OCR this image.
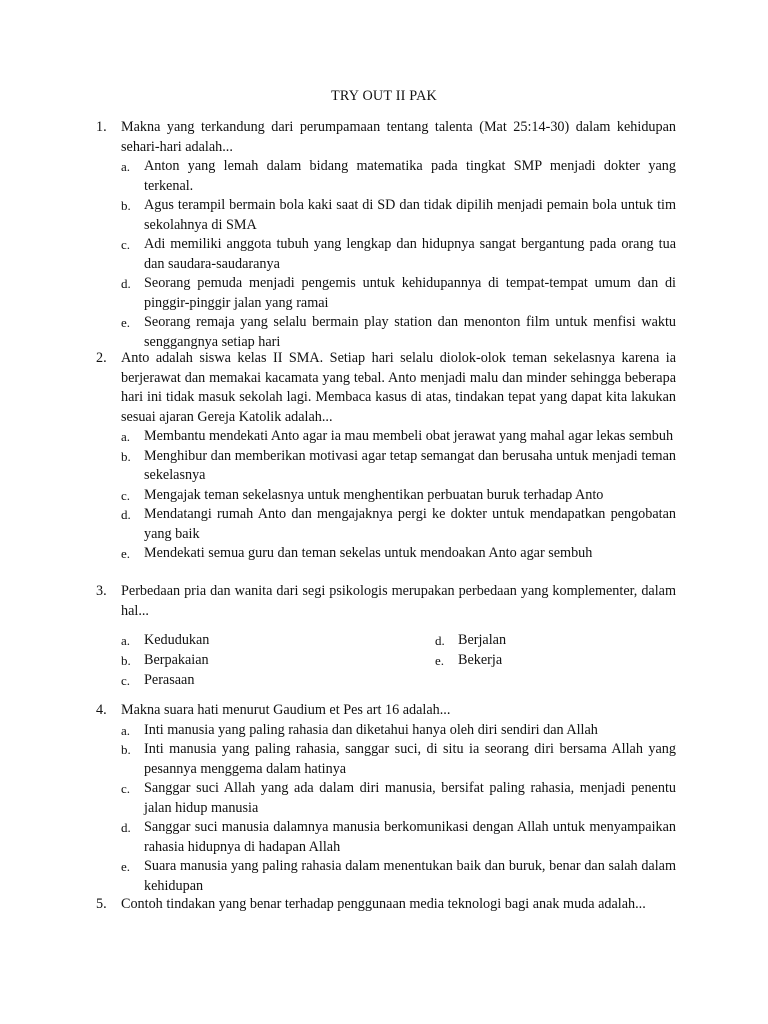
TRY OUT II PAK
1. Makna yang terkandung dari perumpamaan tentang talenta (Mat 25:14-30) dalam kehidupan sehari-hari adalah...
a. Anton yang lemah dalam bidang matematika pada tingkat SMP menjadi dokter yang terkenal.
b. Agus terampil bermain bola kaki saat di SD dan tidak dipilih menjadi pemain bola untuk tim sekolahnya di SMA
c. Adi memiliki anggota tubuh yang lengkap dan hidupnya sangat bergantung pada orang tua dan saudara-saudaranya
d. Seorang pemuda menjadi pengemis untuk kehidupannya di tempat-tempat umum dan di pinggir-pinggir jalan yang ramai
e. Seorang remaja yang selalu bermain play station dan menonton film untuk menfisi waktu senggangnya setiap hari
2. Anto adalah siswa kelas II SMA. Setiap hari selalu diolok-olok teman sekelasnya karena ia berjerawat dan memakai kacamata yang tebal. Anto menjadi malu dan minder sehingga beberapa hari ini tidak masuk sekolah lagi. Membaca kasus di atas, tindakan tepat yang dapat kita lakukan sesuai ajaran Gereja Katolik adalah...
a. Membantu mendekati Anto agar ia mau membeli obat jerawat yang mahal agar lekas sembuh
b. Menghibur dan memberikan motivasi agar tetap semangat dan berusaha untuk menjadi teman sekelasnya
c. Mengajak teman sekelasnya untuk menghentikan perbuatan buruk terhadap Anto
d. Mendatangi rumah Anto dan mengajaknya pergi ke dokter untuk mendapatkan pengobatan yang baik
e. Mendekati semua guru dan teman sekelas untuk mendoakan Anto agar sembuh
3. Perbedaan pria dan wanita dari segi psikologis merupakan perbedaan yang komplementer, dalam hal...
a. Kedudukan
b. Berpakaian
c. Perasaan
d. Berjalan
e. Bekerja
4. Makna suara hati menurut Gaudium et Pes art 16 adalah...
a. Inti manusia yang paling rahasia dan diketahui hanya oleh diri sendiri dan Allah
b. Inti manusia yang paling rahasia, sanggar suci, di situ ia seorang diri bersama Allah yang pesannya menggema dalam hatinya
c. Sanggar suci Allah yang ada dalam diri manusia, bersifat paling rahasia, menjadi penentu jalan hidup manusia
d. Sanggar suci manusia dalamnya manusia berkomunikasi dengan Allah untuk menyampaikan rahasia hidupnya di hadapan Allah
e. Suara manusia yang paling rahasia dalam menentukan baik dan buruk, benar dan salah dalam kehidupan
5. Contoh tindakan yang benar terhadap penggunaan media teknologi bagi anak muda adalah...
